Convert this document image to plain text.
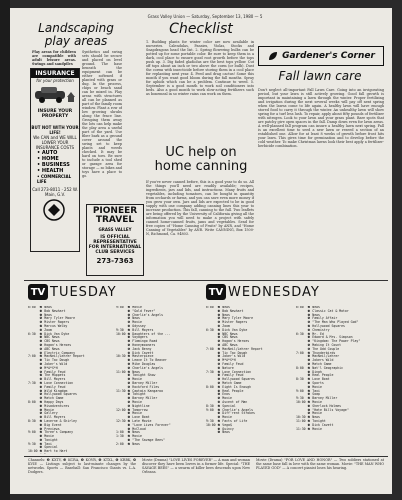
Grass Valley Union — Saturday, September 13, 1980 — 5
Landscaping play areas
Play areas for children are compatible with adult leisure areas. Swings and sandpiles
Synthetics and swing sets should be secure and placed on level ground. The base beneath the equipment can be either softened if planted with grass or dug. In the process, chips or beach sand can be mixed in. Play areas with structures all can be planned as part of the family room window. Plant a row of low growing shrubs along the fence line. Grouping them away the lots can help make the play area a useful part of the yard. Use fiber bark as a ground cover around the swing set to keep plants and weeds checked. It may be hard on toes. Be sure to include a tool shed or garage area for storage — so bikes and toys have a place to go.
INSURANCE
for your protection
INSURE YOUR PROPERTY
BUT NOT WITH YOUR LIFE!
We CAN and WE WILL
LOWER YOUR
INSURANCE COSTS
• AUTO
• HOME
• BUSINESS
• HEALTH
• COMMERCIAL LIFE
Call 273-8011 · 252 W. Main, G.V.
PIONEER TRAVEL
GRASS VALLEY
IS OFFICIAL REPRESENTATIVE
FOR INTERNATIONAL CLUB SERVICES
273-7363
Checklist
1. Budding plants for winter color are now available in nurseries. Calendulas, Pansies, Violas, Stocks and Snapdragons head the list. 2. Spring flowering bulbs can be potted up for some portable color. Be sure to keep them in a dark, cool place to ensure good root growth before the tops push up. 3. Dig faded gladiolus are the best tops yellow. Cut off tops about an inch or two above the corm (or bulb). Dust the corms with insecticide before storing them in a cool place for replanting next year. 4. Feed and drag cactus! Some this month if you want good bloom during the fall months. Spray for aphids which can be a problem. Continue to weed. 5. September is a good month to work soil conditioners into beds. Also a good month to work slow-acting fertilizers such as bonemeal in so winter rains can work on them.
UC help on home canning
If you've never canned before, this is a good year to do so. All the things you'll need are readily available; recipes, ingredients, jars and lids, and instructions. Many fruits and vegetables, including tomatoes, can be bought in quantity from orchards or farms, and you can save even more money if you grow your own. Jars and lids are expected to be in good supply with one company adding canning lines this year to increase production. This fall, canning to the full. Two leaflets are being offered by the University of California giving all the information you will need to make a project with safely canned home-canned fruits, jams and vegetables. Send for free copies of "Home Canning of Fruits" by ANR, and "Home Canning of Vegetables" by ANR. Write CANNING, Box 1500-N, Richmond, Ca. 94803.
Gardener's Corner
Fall lawn care
Don't neglect all-important Fall Lawn Care. Going into an invigorating period, but your lawn is still actively growing. Good fall growth is important in maintaining a lawn through the winter. Proper fertilizing and irrigation during the next several weeks will pay off next spring when the lawns come to life again. A healthy lawn will have enough stored food to carry it through the winter. An unhealthy lawn will show spring for a turf less lush. To repair, apply about fifty pounds of fertilizer with nitrogen. Look to your lawn and your grass plant. Bare spots that are patchy give open spaces in the fall. Damp down even for lawn areas. A well-planned fall program can insure a healthy lawn next spring. Fall is an excellent time to seed a new lawn or reseed a section of an established one. Allow for at least 8 weeks of growth before frost hits your lawn. This gives time for germination and to develop before the cold weather. To make Christmas lawns look their best apply a fertilizer-herbicide combination.
TV TUESDAY
6:00  ❷ News
❸ Bob Newhart
❹ News
❺ Mary Tyler Moore
❻ Mister Rogers
❼ Marcus Welby
❾ Zoom
6:30  ❷ Dick Van Dyke
❸ NBC News
❹ CBS News
❺ Hogan's Heroes
❻ ABC News
❾ Electric Company
7:00  ❷ MacNeil/Lehrer Report
❸ Tic Tac Dough
❹ Joker's Wild
❺ M*A*S*H
❻ Family Feud
❼ The Muppets
❾ Bill Moyers
7:30  ❷ Love Connection
❸ Family Feud
❹ Wild Kingdom
❺ Hollywood Squares
❻ Match Game
8:00  ❷ Happy Days
❸ Misadventures
❹ Movie
❺ Gallery
❾ Bill Moyers
8:30  ❷ Laverne & Shirley
❸ Big Event
❹ Previews
9:00  ❷ Three's Company
❸ Movie
❹ Tonight
9:30  ❷ Taxi
❸ Special
10:00 ❷ Hart to Hart

9:00  ❷ Movie
❸ "Gold Fever"
❹ Charlie's Angels
❺ News
❻ Movie
❾ Odyssey
9:30  ❷ Bill Moyers
10:00 ❷ Daughters of the ...
❸ Voyagers
❹ Flamingo Road
❺ Honeymooners
❻ Jack Benny
❾ Dick Cavett
10:30 ❷ Masterpiece
❸ Leave It To Beaver
❹ Mike Douglas
❺ Charlie's Angels
11:00 ❷ News
❸ Tonight Show
❹ Movie
❺ Barney Miller
❻ Rockford Files
11:30 ❷ Captain Kangaroo
❸ Tonight
❹ Barney Miller
❺ Movie
❻ Nightline
12:00 ❷ Tomorrow
❸ Movie
❹ Love Boat
12:30 ❷ Late Movie
❸ "Love Lives Forever"
❹ McCloud
1:00  ❷ News
1:30  ❷ Movie
❸ "The Savage Bees"
2:00  ❷ News
TV WEDNESDAY
6:00  ❷ News
❸ Bob Newhart
❹ News
❺ Mary Tyler Moore
❻ Mister Rogers
❾ Zoom
6:30  ❷ Dick Van Dyke
❸ NBC News
❹ CBS News
❺ Hogan's Heroes
❻ ABC News
7:00  ❷ MacNeil/Lehrer Report
❸ Tic Tac Dough
❹ Joker's Wild
❺ M*A*S*H
❻ Family Feud
❾ Nature
7:30  ❷ Love Connection
❸ Family Feud
❹ Hollywood Squares
❺ Match Game
8:00  ❷ Eight Is Enough
❸ Real People
❹ Enos
❺ Movie
❾ Ascent of Man
8:30  ❷ Special
9:00  ❷ Charlie's Angels
❸ Diff'rent Strokes
❹ Movie
9:30  ❷ Facts of Life
10:00 ❷ Vega$
❸ Quincy
❹ News
6:00  ❷ News
❸ Classic Cat & Motor
❹ News
❺ Family Affair
❻ "The Man Who Played God"
❼ Hollywood Squares
❾ Chemistry
6:30  ❷ Mr. Ed
❸ Edward & Mrs. Simpson
❹ "Kingdom: The Power Play"
❺ Making It Count
❻ The Odd Couple
7:00  ❷ Thunderbirds
❸ MacNeil/Lehrer
❹ Jokers Wild
❺ Match Game
8:00  ❷ Nat'l Geographic
❸ Dinah
❹ Real People
8:30  ❷ Love Boat
❸ Sports
❹ Movie
9:00  ❷ Taxi
❸ Soap
9:30  ❷ Barney Miller
10:00 ❷ Movie
❸ Sherlock Holmes
❹ "Hate Bills Voyage"
❺ Movie
10:30 ❷ News
11:00 ❷ Tonight
❸ Dick Cavett
11:30 ❷ Movie
Channels: ❷ KXTV, ❸ KCRA, ❹ KOVR, ❺ KTXL, ❻ KRBK, ❾ KVIE — Listings subject to last-minute changes by the networks. Sports — Baseball: San Francisco Giants vs. L.A. Dodgers.
Movie (Drama) "LOVE LIVES FOREVER" — A man and woman discover they have been lovers in a former life. Special: "THE SAVAGE BEES" — a swarm of killer bees descends upon New Orleans.
Movie (Drama) "FOR LOVE AND HONOR" — Two soldiers stationed at the same base fall in love with the same woman. Movie: "THE MAN WHO PLAYED GOD" — A concert pianist loses his hearing.
